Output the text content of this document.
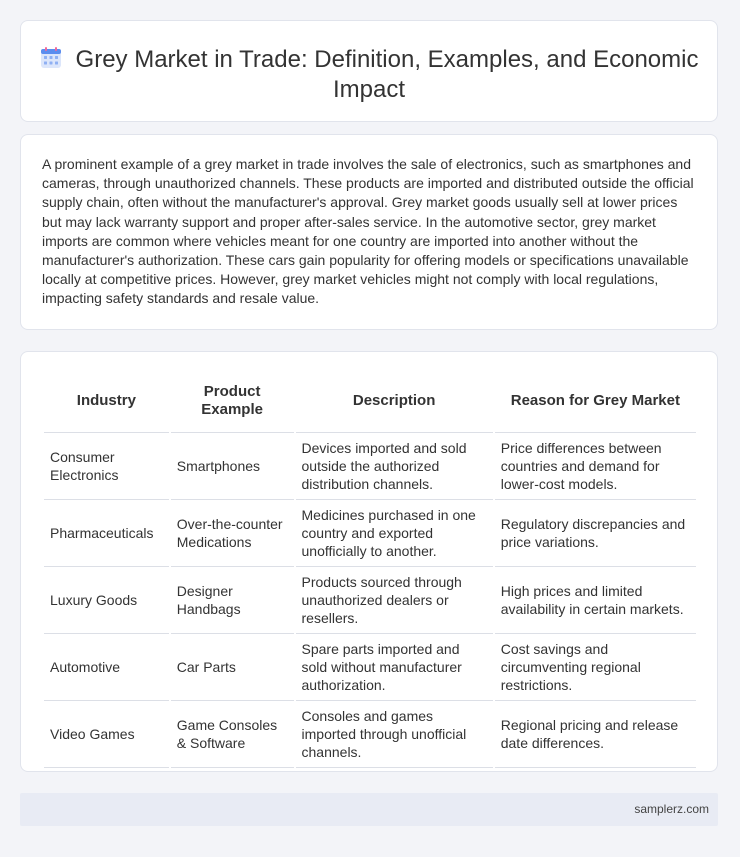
Grey Market in Trade: Definition, Examples, and Economic Impact
A prominent example of a grey market in trade involves the sale of electronics, such as smartphones and cameras, through unauthorized channels. These products are imported and distributed outside the official supply chain, often without the manufacturer's approval. Grey market goods usually sell at lower prices but may lack warranty support and proper after-sales service. In the automotive sector, grey market imports are common where vehicles meant for one country are imported into another without the manufacturer's authorization. These cars gain popularity for offering models or specifications unavailable locally at competitive prices. However, grey market vehicles might not comply with local regulations, impacting safety standards and resale value.
Industry	Product Example	Description	Reason for Grey Market
Consumer Electronics	Smartphones	Devices imported and sold outside the authorized distribution channels.	Price differences between countries and demand for lower-cost models.
Pharmaceuticals	Over-the-counter Medications	Medicines purchased in one country and exported unofficially to another.	Regulatory discrepancies and price variations.
Luxury Goods	Designer Handbags	Products sourced through unauthorized dealers or resellers.	High prices and limited availability in certain markets.
Automotive	Car Parts	Spare parts imported and sold without manufacturer authorization.	Cost savings and circumventing regional restrictions.
Video Games	Game Consoles & Software	Consoles and games imported through unofficial channels.	Regional pricing and release date differences.
samplerz.com
